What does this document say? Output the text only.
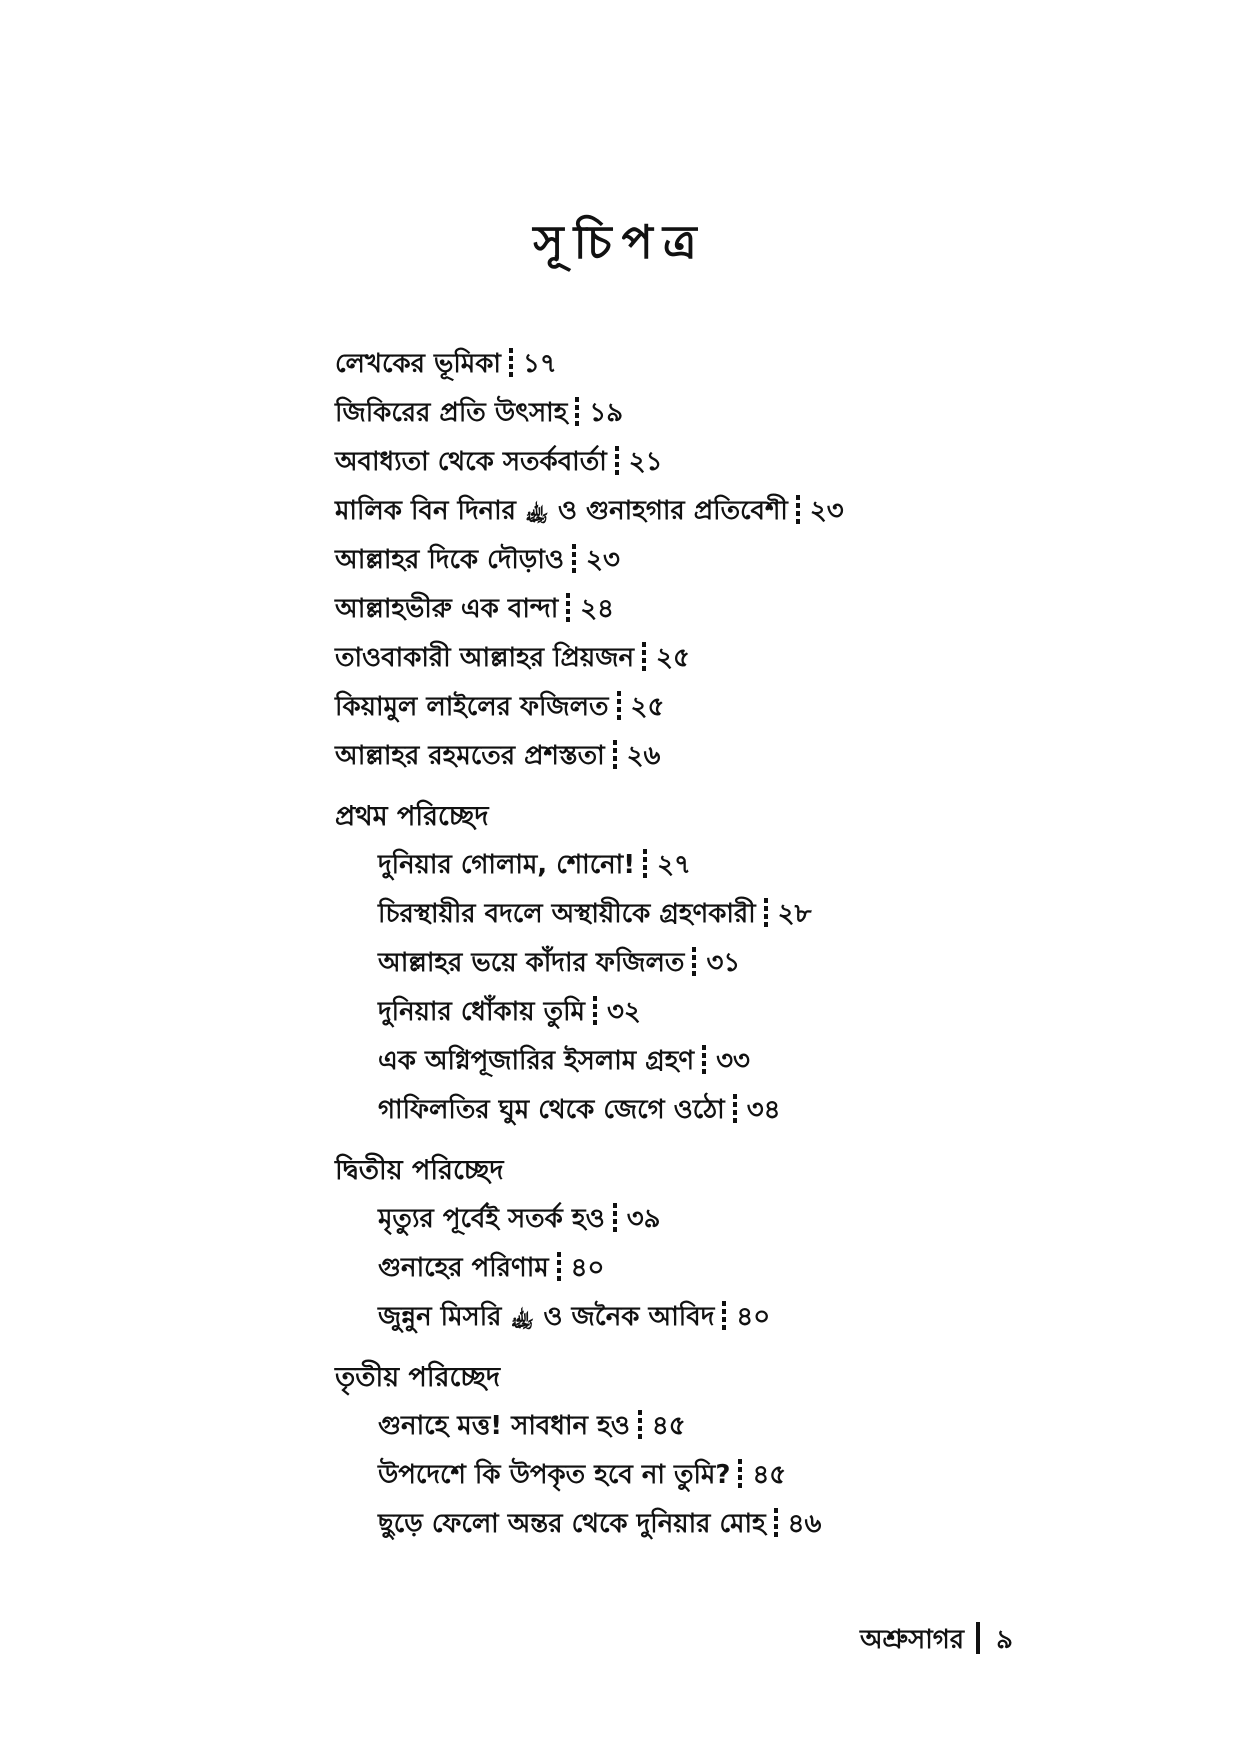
সূচিপত্র
লেখকের ভূমিকা ১৭
জিকিরের প্রতি উৎসাহ ১৯
অবাধ্যতা থেকে সতর্কবার্তা ২১
মালিক বিন দিনার ﵀ ও গুনাহগার প্রতিবেশী ২৩
আল্লাহর দিকে দৌড়াও ২৩
আল্লাহভীরু এক বান্দা ২৪
তাওবাকারী আল্লাহর প্রিয়জন ২৫
কিয়ামুল লাইলের ফজিলত ২৫
আল্লাহর রহমতের প্রশস্ততা ২৬
প্রথম পরিচ্ছেদ
দুনিয়ার গোলাম, শোনো! ২৭
চিরস্থায়ীর বদলে অস্থায়ীকে গ্রহণকারী ২৮
আল্লাহর ভয়ে কাঁদার ফজিলত ৩১
দুনিয়ার ধোঁকায় তুমি ৩২
এক অগ্নিপূজারির ইসলাম গ্রহণ ৩৩
গাফিলতির ঘুম থেকে জেগে ওঠো ৩৪
দ্বিতীয় পরিচ্ছেদ
মৃত্যুর পূর্বেই সতর্ক হও ৩৯
গুনাহের পরিণাম ৪০
জুন্নুন মিসরি ﵀ ও জনৈক আবিদ ৪০
তৃতীয় পরিচ্ছেদ
গুনাহে মত্ত! সাবধান হও ৪৫
উপদেশে কি উপকৃত হবে না তুমি? ৪৫
ছুড়ে ফেলো অন্তর থেকে দুনিয়ার মোহ ৪৬
অশ্রুসাগর ৯
